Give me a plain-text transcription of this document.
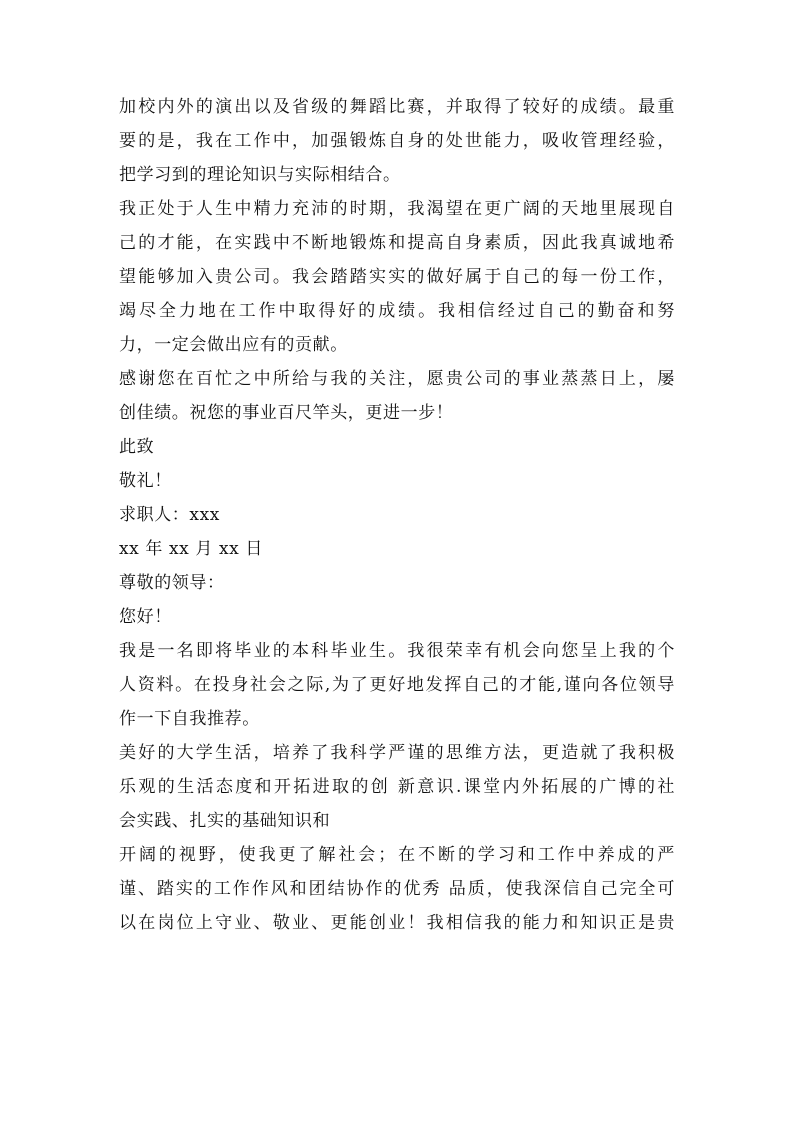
加校内外的演出以及省级的舞蹈比赛，并取得了较好的成绩。最重
要的是，我在工作中，加强锻炼自身的处世能力，吸收管理经验，
把学习到的理论知识与实际相结合。
我正处于人生中精力充沛的时期，我渴望在更广阔的天地里展现自
己的才能，在实践中不断地锻炼和提高自身素质，因此我真诚地希
望能够加入贵公司。我会踏踏实实的做好属于自己的每一份工作，
竭尽全力地在工作中取得好的成绩。我相信经过自己的勤奋和努
力，一定会做出应有的贡献。
感谢您在百忙之中所给与我的关注，愿贵公司的事业蒸蒸日上，屡
创佳绩。祝您的事业百尺竿头，更进一步！
此致
敬礼！
求职人：xxx
xx 年 xx 月 xx 日
尊敬的领导：
您好！
我是一名即将毕业的本科毕业生。我很荣幸有机会向您呈上我的个
人资料。在投身社会之际,为了更好地发挥自己的才能,谨向各位领导
作一下自我推荐。
美好的大学生活，培养了我科学严谨的思维方法，更造就了我积极
乐观的生活态度和开拓进取的创 新意识.课堂内外拓展的广博的社
会实践、扎实的基础知识和
开阔的视野，使我更了解社会；在不断的学习和工作中养成的严
谨、踏实的工作作风和团结协作的优秀 品质，使我深信自己完全可
以在岗位上守业、敬业、更能创业！我相信我的能力和知识正是贵
